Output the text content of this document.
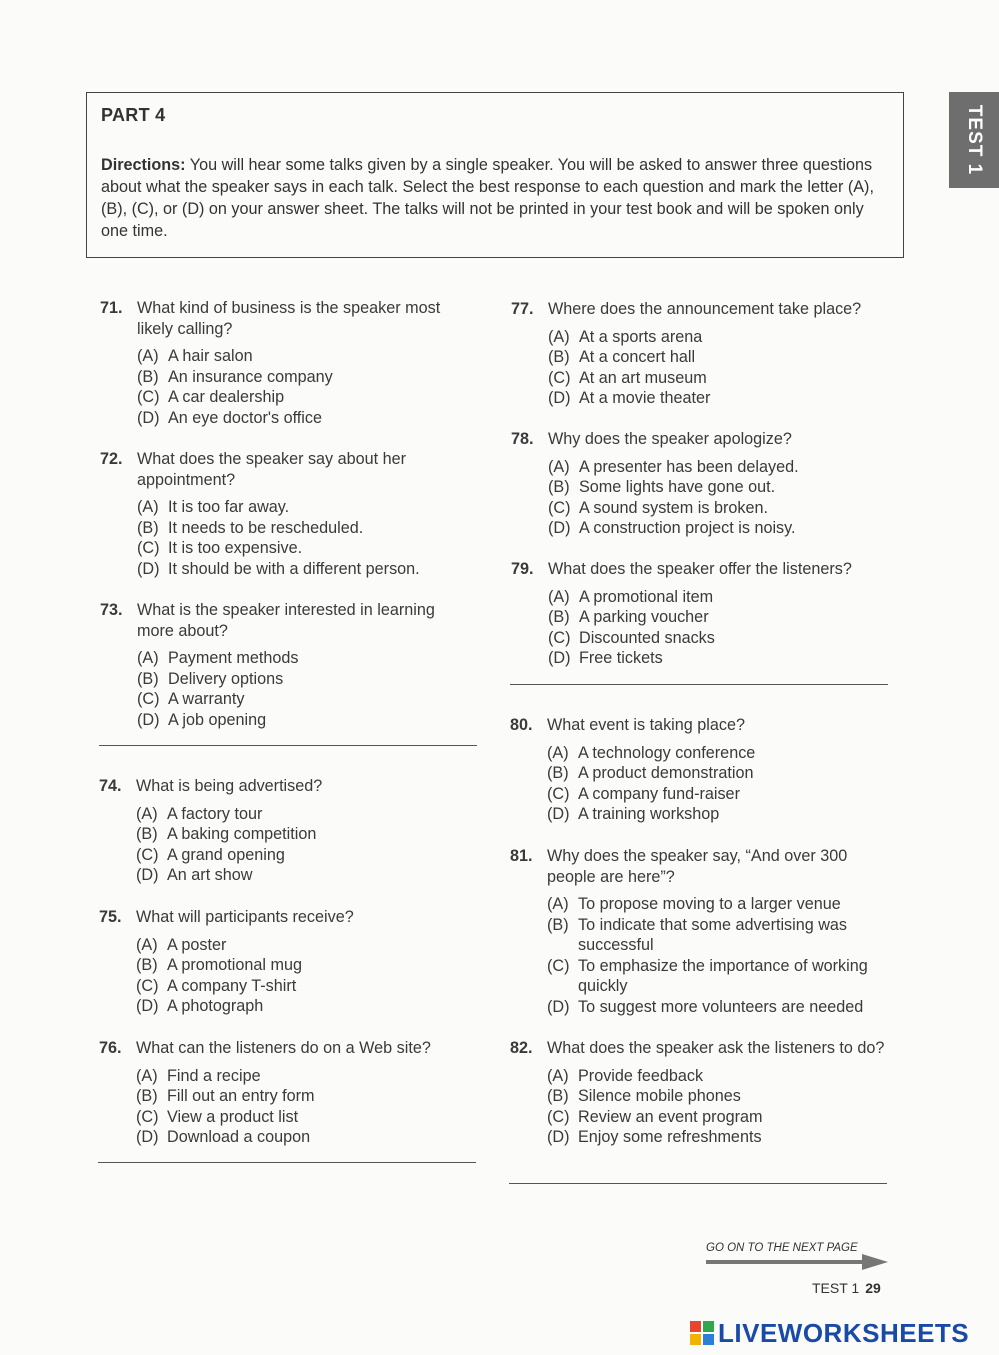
PART 4
Directions: You will hear some talks given by a single speaker. You will be asked to answer three questions about what the speaker says in each talk. Select the best response to each question and mark the letter (A), (B), (C), or (D) on your answer sheet. The talks will not be printed in your test book and will be spoken only one time.
TEST 1
71. What kind of business is the speaker most likely calling?
(A) A hair salon
(B) An insurance company
(C) A car dealership
(D) An eye doctor's office
72. What does the speaker say about her appointment?
(A) It is too far away.
(B) It needs to be rescheduled.
(C) It is too expensive.
(D) It should be with a different person.
73. What is the speaker interested in learning more about?
(A) Payment methods
(B) Delivery options
(C) A warranty
(D) A job opening
74. What is being advertised?
(A) A factory tour
(B) A baking competition
(C) A grand opening
(D) An art show
75. What will participants receive?
(A) A poster
(B) A promotional mug
(C) A company T-shirt
(D) A photograph
76. What can the listeners do on a Web site?
(A) Find a recipe
(B) Fill out an entry form
(C) View a product list
(D) Download a coupon
77. Where does the announcement take place?
(A) At a sports arena
(B) At a concert hall
(C) At an art museum
(D) At a movie theater
78. Why does the speaker apologize?
(A) A presenter has been delayed.
(B) Some lights have gone out.
(C) A sound system is broken.
(D) A construction project is noisy.
79. What does the speaker offer the listeners?
(A) A promotional item
(B) A parking voucher
(C) Discounted snacks
(D) Free tickets
80. What event is taking place?
(A) A technology conference
(B) A product demonstration
(C) A company fund-raiser
(D) A training workshop
81. Why does the speaker say, “And over 300 people are here”?
(A) To propose moving to a larger venue
(B) To indicate that some advertising was successful
(C) To emphasize the importance of working quickly
(D) To suggest more volunteers are needed
82. What does the speaker ask the listeners to do?
(A) Provide feedback
(B) Silence mobile phones
(C) Review an event program
(D) Enjoy some refreshments
GO ON TO THE NEXT PAGE
TEST 1 29
LIVEWORKSHEETS
